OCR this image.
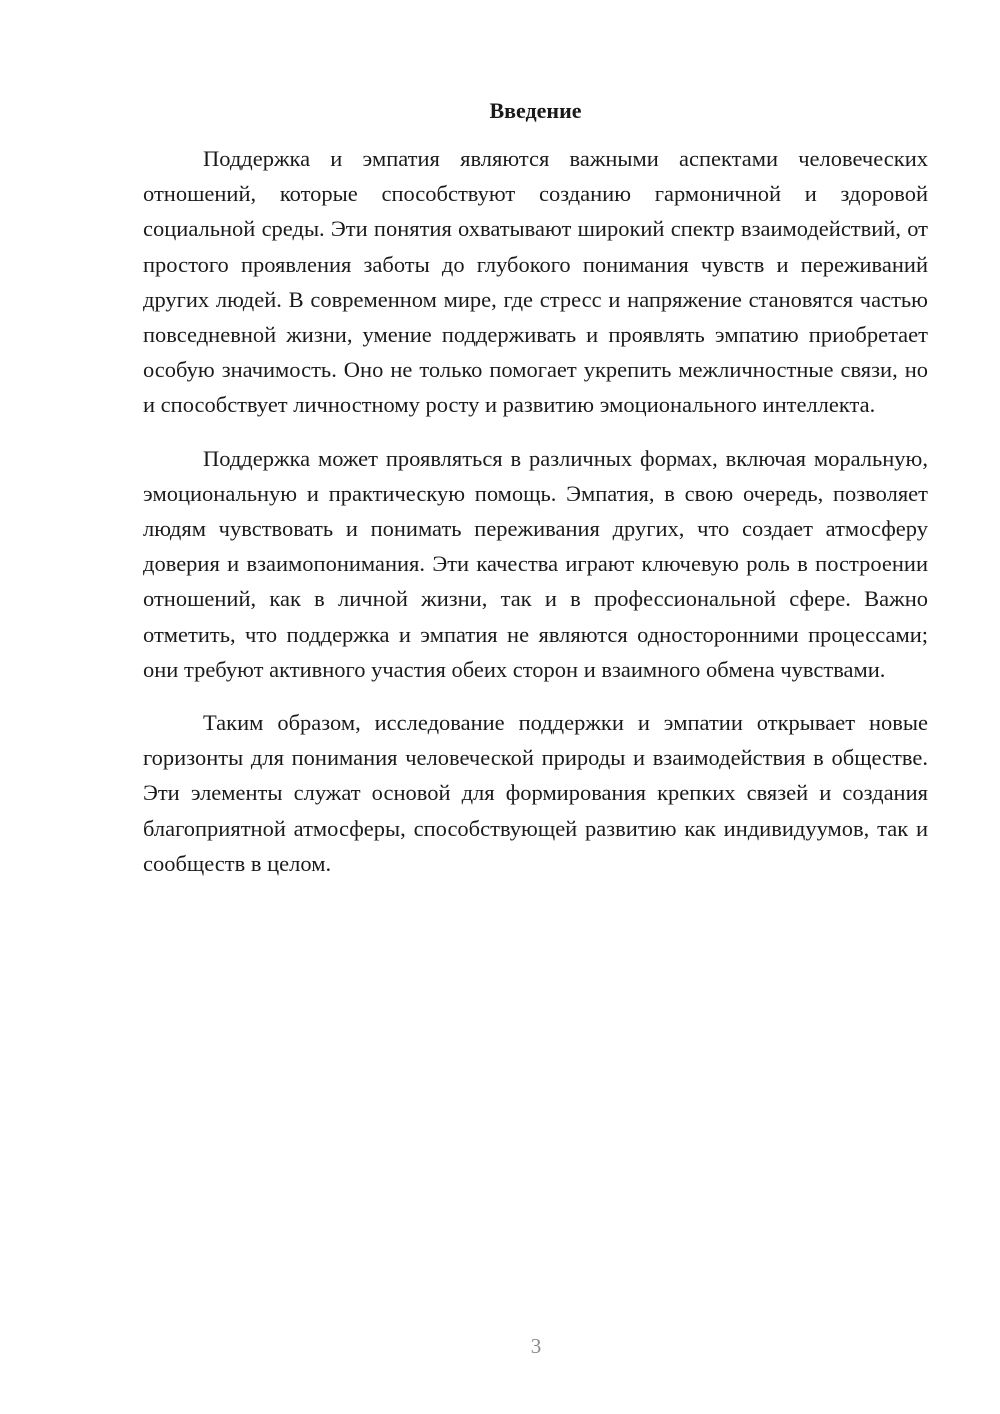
Введение

Поддержка и эмпатия являются важными аспектами человеческих отношений, которые способствуют созданию гармоничной и здоровой социальной среды. Эти понятия охватывают широкий спектр взаимодействий, от простого проявления заботы до глубокого понимания чувств и переживаний других людей. В современном мире, где стресс и напряжение становятся частью повседневной жизни, умение поддерживать и проявлять эмпатию приобретает особую значимость. Оно не только помогает укрепить межличностные связи, но и способствует личностному росту и развитию эмоционального интеллекта.

Поддержка может проявляться в различных формах, включая моральную, эмоциональную и практическую помощь. Эмпатия, в свою очередь, позволяет людям чувствовать и понимать переживания других, что создает атмосферу доверия и взаимопонимания. Эти качества играют ключевую роль в построении отношений, как в личной жизни, так и в профессиональной сфере. Важно отметить, что поддержка и эмпатия не являются односторонними процессами; они требуют активного участия обеих сторон и взаимного обмена чувствами.

Таким образом, исследование поддержки и эмпатии открывает новые горизонты для понимания человеческой природы и взаимодействия в обществе. Эти элементы служат основой для формирования крепких связей и создания благоприятной атмосферы, способствующей развитию как индивидуумов, так и сообществ в целом.

3
